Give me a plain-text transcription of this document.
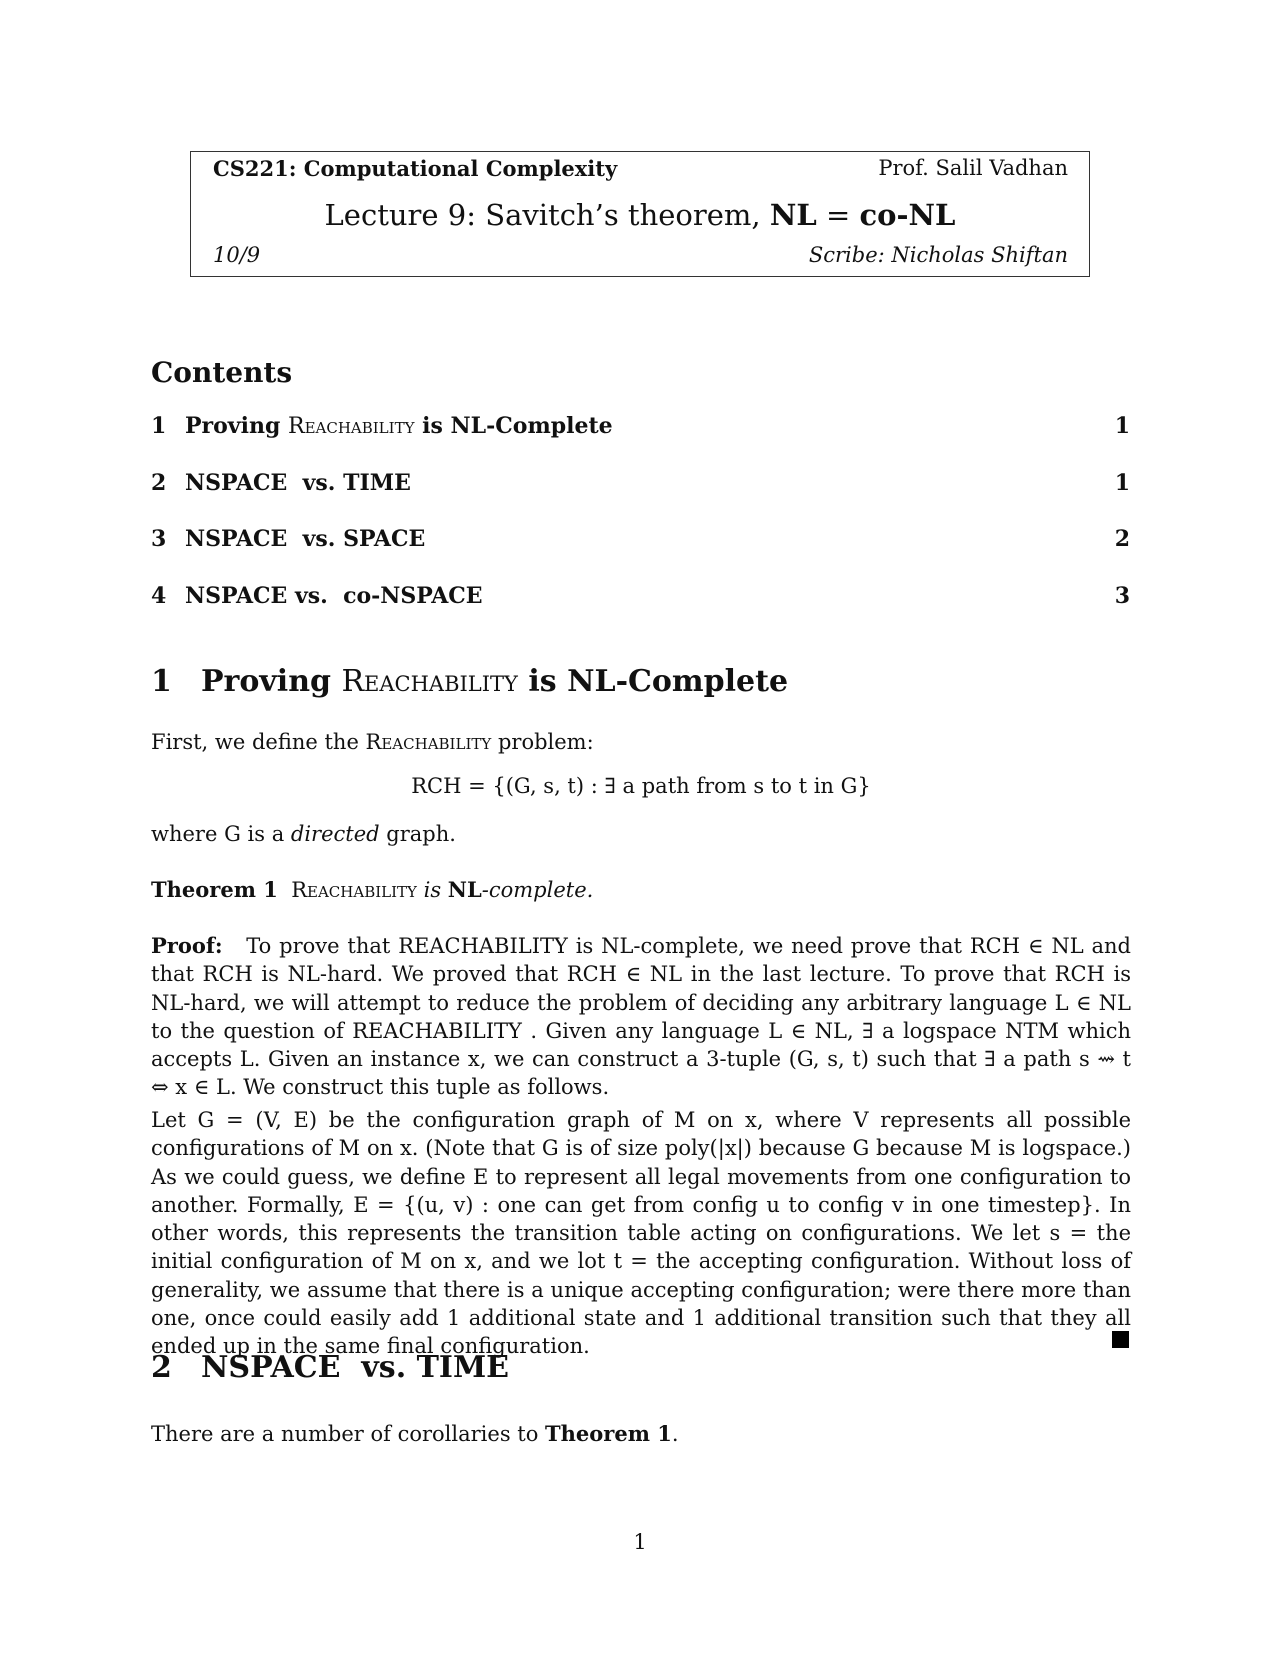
CS221: Computational Complexity	Prof. Salil Vadhan
Lecture 9: Savitch’s theorem, NL = co-NL
10/9	Scribe: Nicholas Shiftan
Contents
1 Proving Reachability is NL-Complete	1
2 NSPACE  vs. TIME	1
3 NSPACE  vs. SPACE	2
4 NSPACE vs.  co-NSPACE	3
1 Proving Reachability is NL-Complete
First, we define the Reachability problem:
RCH = {(G, s, t) : ∃ a path from s to t in G}
where G is a directed graph.
Theorem 1 Reachability is NL-complete.
Proof: To prove that REACHABILITY is NL-complete, we need prove that RCH ∈ NL and that RCH is NL-hard. We proved that RCH ∈ NL in the last lecture. To prove that RCH is NL-hard, we will attempt to reduce the problem of deciding any arbitrary language L ∈ NL to the question of REACHABILITY . Given any language L ∈ NL, ∃ a logspace NTM which accepts L. Given an instance x, we can construct a 3-tuple (G, s, t) such that ∃ a path s ⇝ t ⇔ x ∈ L. We construct this tuple as follows.
Let G = (V, E) be the configuration graph of M on x, where V represents all possible configurations of M on x. (Note that G is of size poly(|x|) because G because M is logspace.) As we could guess, we define E to represent all legal movements from one configuration to another. Formally, E = {(u, v) : one can get from config u to config v in one timestep}. In other words, this represents the transition table acting on configurations. We let s = the initial configuration of M on x, and we lot t = the accepting configuration. Without loss of generality, we assume that there is a unique accepting configuration; were there more than one, once could easily add 1 additional state and 1 additional transition such that they all ended up in the same final configuration.
2 NSPACE  vs. TIME
There are a number of corollaries to Theorem 1.
1
